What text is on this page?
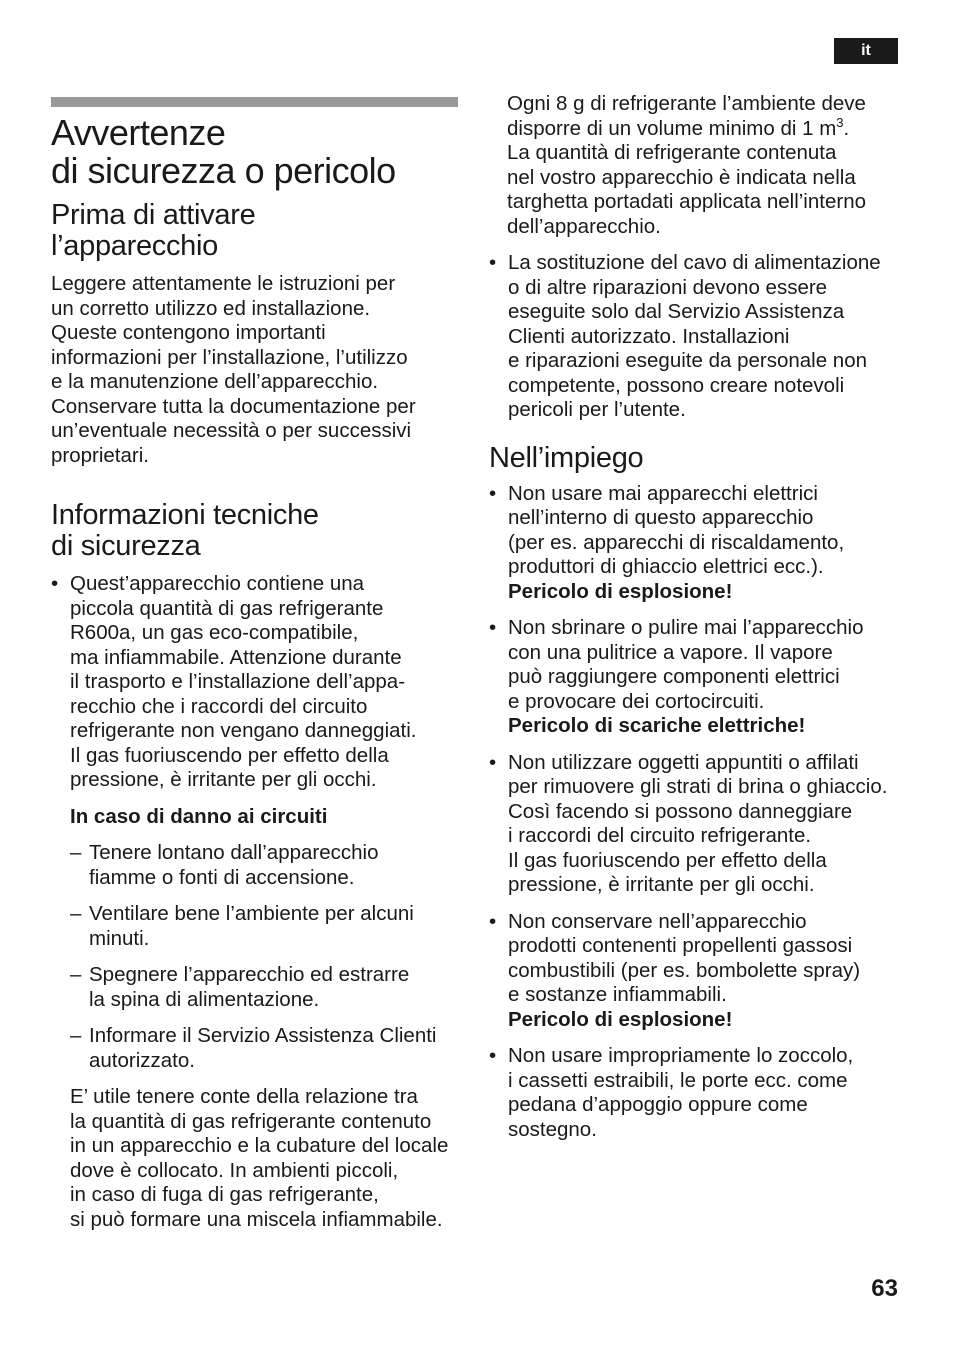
it
Avvertenze
di sicurezza o pericolo
Prima di attivare
l’apparecchio

Leggere attentamente le istruzioni per
un corretto utilizzo ed installazione.
Queste contengono importanti
informazioni per l’installazione, l’utilizzo
e la manutenzione dell’apparecchio.
Conservare tutta la documentazione per
un’eventuale necessità o per successivi
proprietari.

Informazioni tecniche
di sicurezza
• Quest’apparecchio contiene una
piccola quantità di gas refrigerante
R600a, un gas eco-compatibile,
ma infiammabile. Attenzione durante
il trasporto e l’installazione dell’appa-
recchio che i raccordi del circuito
refrigerante non vengano danneggiati.
Il gas fuoriuscendo per effetto della
pressione, è irritante per gli occhi.

In caso di danno ai circuiti

– Tenere lontano dall’apparecchio
fiamme o fonti di accensione.
– Ventilare bene l’ambiente per alcuni
minuti.
– Spegnere l’apparecchio ed estrarre
la spina di alimentazione.
– Informare il Servizio Assistenza Clienti
autorizzato.

E’ utile tenere conte della relazione tra
la quantità di gas refrigerante contenuto
in un apparecchio e la cubature del locale
dove è collocato. In ambienti piccoli,
in caso di fuga di gas refrigerante,
si può formare una miscela infiammabile.

Ogni 8 g di refrigerante l’ambiente deve
disporre di un volume minimo di 1 $m^3$.
La quantità di refrigerante contenuta
nel vostro apparecchio è indicata nella
targhetta portadati applicata nell’interno
dell’apparecchio.

• La sostituzione del cavo di alimentazione
o di altre riparazioni devono essere
eseguite solo dal Servizio Assistenza
Clienti autorizzato. Installazioni
e riparazioni eseguite da personale non
competente, possono creare notevoli
pericoli per l’utente.
Nell’impiego
• Non usare mai apparecchi elettrici
nell’interno di questo apparecchio
(per es. apparecchi di riscaldamento,
produttori di ghiaccio elettrici ecc.).
Pericolo di esplosione!
• Non sbrinare o pulire mai l’apparecchio
con una pulitrice a vapore. Il vapore
può raggiungere componenti elettrici
e provocare dei cortocircuiti.
Pericolo di scariche elettriche!
• Non utilizzare oggetti appuntiti o affilati
per rimuovere gli strati di brina o ghiaccio.
Così facendo si possono danneggiare
i raccordi del circuito refrigerante.
Il gas fuoriuscendo per effetto della
pressione, è irritante per gli occhi.
• Non conservare nell’apparecchio
prodotti contenenti propellenti gassosi
combustibili (per es. bombolette spray)
e sostanze infiammabili.
Pericolo di esplosione!
• Non usare impropriamente lo zoccolo,
i cassetti estraibili, le porte ecc. come
pedana d’appoggio oppure come
sostegno.
63
